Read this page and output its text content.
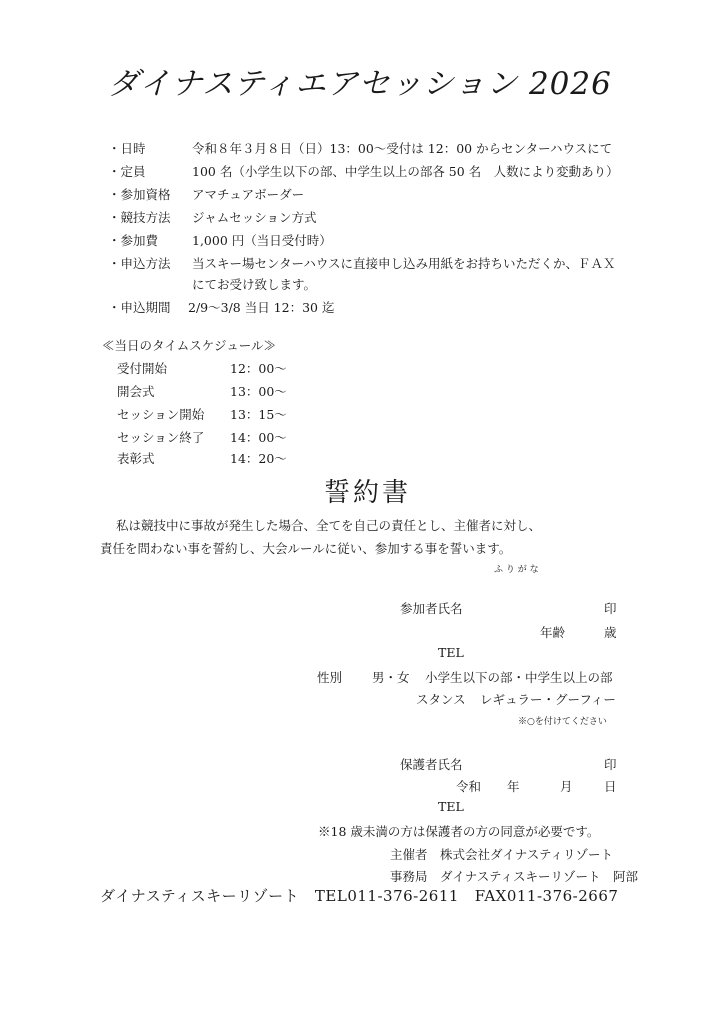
ダイナスティエアセッション 2026
・日時	令和８年３月８日（日）13：00～受付は 12：00 からセンターハウスにて
・定員	100 名（小学生以下の部、中学生以上の部各 50 名　人数により変動あり）
・参加資格 アマチュアボーダー
・競技方法 ジャムセッション方式
・参加費	1,000 円（当日受付時）
・申込方法 当スキー場センターハウスに直接申し込み用紙をお持ちいただくか、ＦＡＸ
にてお受け致します。
・申込期間 2/9～3/8 当日 12：30 迄
≪当日のタイムスケジュール≫
受付開始	12：00～
開会式	13：00～
セッション開始 13：15～
セッション終了 14：00～
表彰式	14：20～
誓約書
私は競技中に事故が発生した場合、全てを自己の責任とし、主催者に対し、
責任を問わない事を誓約し、大会ルールに従い、参加する事を誓います。
ふ り が な
参加者氏名	印
年齢	歳
TEL
性別 男・女 小学生以下の部・中学生以上の部
スタンス レギュラー・グーフィー
※○を付けてください
保護者氏名	印
令和 年	月	日
TEL
※18 歳未満の方は保護者の方の同意が必要です。
主催者　株式会社ダイナスティリゾート
事務局　ダイナスティスキーリゾート　阿部
ダイナスティスキーリゾート TEL011-376-2611 FAX011-376-2667
